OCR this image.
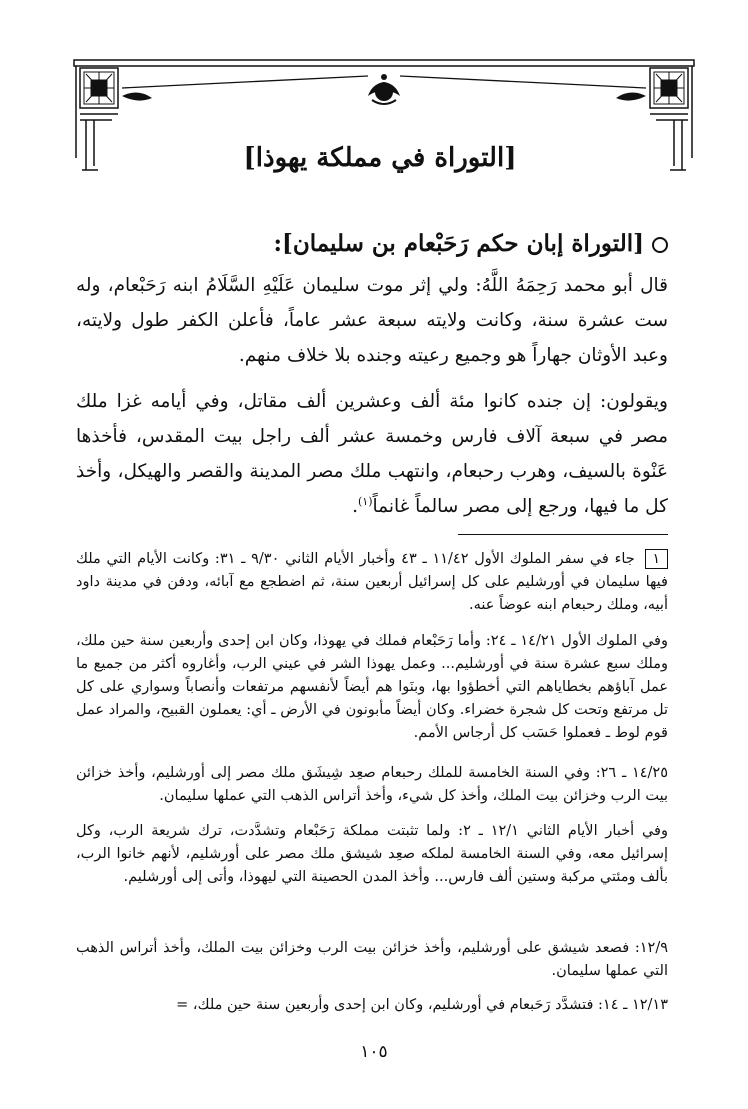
[التوراة في مملكة يهوذا]
[التوراة إبان حكم رَحَبْعام بن سليمان]:

قال أبو محمد رَحِمَهُ اللَّهُ: ولي إثر موت سليمان عَلَيْهِ السَّلَامُ ابنه رَحَبْعام، وله ست عشرة سنة، وكانت ولايته سبعة عشر عاماً، فأعلن الكفر طول ولايته، وعبد الأوثان جهاراً هو وجميع رعيته وجنده بلا خلاف منهم.

ويقولون: إن جنده كانوا مئة ألف وعشرين ألف مقاتل، وفي أيامه غزا ملك مصر في سبعة آلاف فارس وخمسة عشر ألف راجل بيت المقدس، فأخذها عَنْوة بالسيف، وهرب رحبعام، وانتهب ملك مصر المدينة والقصر والهيكل، وأخذ كل ما فيها، ورجع إلى مصر سالماً غانماً$^{(١)}$.

١ جاء في سفر الملوك الأول ١١/٤٢ ـ ٤٣ وأخبار الأيام الثاني ٩/٣٠ ـ ٣١: وكانت الأيام التي ملك فيها سليمان في أورشليم على كل إسرائيل أربعين سنة، ثم اضطجع مع آبائه، ودفن في مدينة داود أبيه، وملك رحبعام ابنه عوضاً عنه.

وفي الملوك الأول ١٤/٢١ ـ ٢٤: وأما رَحَبْعام فملك في يهوذا، وكان ابن إحدى وأربعين سنة حين ملك، وملك سبع عشرة سنة في أورشليم... وعمل يهوذا الشر في عيني الرب، وأغاروه أكثر من جميع ما عمل آباؤهم بخطاياهم التي أخطؤوا بها، وبنَوا هم أيضاً لأنفسهم مرتفعات وأنصاباً وسواري على كل تل مرتفع وتحت كل شجرة خضراء. وكان أيضاً مأبونون في الأرض ـ أي: يعملون القبيح، والمراد عمل قوم لوط ـ فعملوا حَسَب كل أرجاس الأمم.

١٤/٢٥ ـ ٢٦: وفي السنة الخامسة للملك رحبعام صعِد شِيشَق ملك مصر إلى أورشليم، وأخذ خزائن بيت الرب وخزائن بيت الملك، وأخذ كل شيء، وأخذ أتراس الذهب التي عملها سليمان.

وفي أخبار الأيام الثاني ١٢/١ ـ ٢: ولما تثبتت مملكة رَحَبْعام وتشدَّدت، ترك شريعة الرب، وكل إسرائيل معه، وفي السنة الخامسة لملكه صعِد شيشق ملك مصر على أورشليم، لأنهم خانوا الرب، بألف ومئتي مركبة وستين ألف فارس... وأخذ المدن الحصينة التي ليهوذا، وأتى إلى أورشليم.

١٢/٩: فصعد شيشق على أورشليم، وأخذ خزائن بيت الرب وخزائن بيت الملك، وأخذ أتراس الذهب التي عملها سليمان.

١٢/١٣ ـ ١٤: فتشدَّد رَحَبعام في أورشليم، وكان ابن إحدى وأربعين سنة حين ملك، =

١٠٥
